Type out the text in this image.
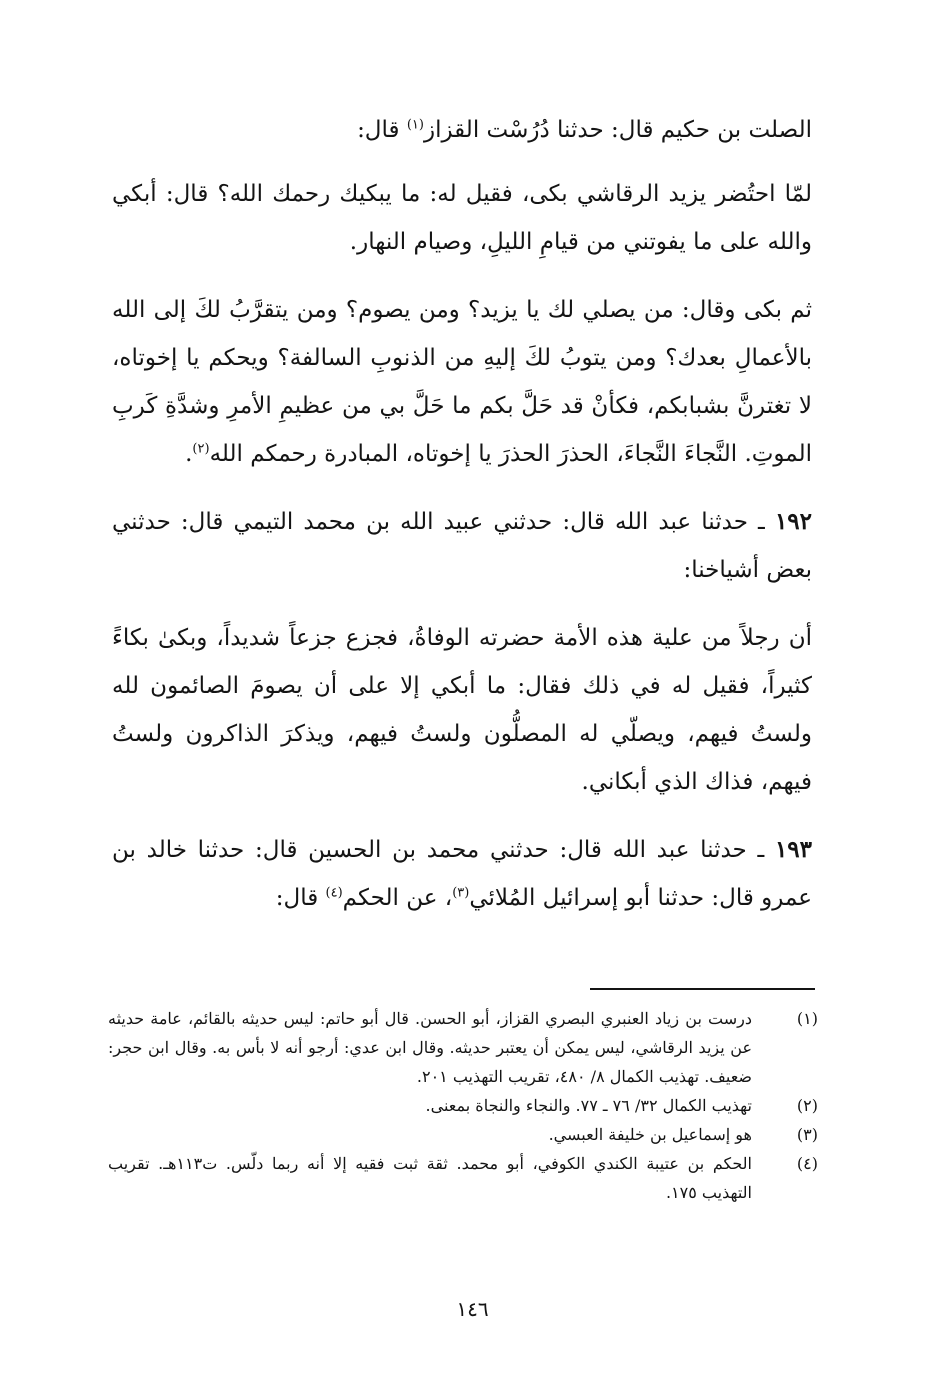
الصلت بن حكيم قال: حدثنا دُرُسْت القزاز$^{(١)}$ قال:

لمّا احتُضر يزيد الرقاشي بكى، فقيل له: ما يبكيك رحمك الله؟ قال: أبكي والله على ما يفوتني من قيامِ الليلِ، وصيام النهار.

ثم بكى وقال: من يصلي لك يا يزيد؟ ومن يصوم؟ ومن يتقرَّبُ لكَ إلى الله بالأعمالِ بعدك؟ ومن يتوبُ لكَ إليهِ من الذنوبِ السالفة؟ ويحكم يا إخوتاه، لا تغترنَّ بشبابكم، فكأنْ قد حَلَّ بكم ما حَلَّ بي من عظيمِ الأمرِ وشدَّةِ كَربِ الموتِ. النَّجاءَ النَّجاءَ، الحذرَ الحذرَ يا إخوتاه، المبادرة رحمكم الله$^{(٢)}$.

١٩٢ ـ حدثنا عبد الله قال: حدثني عبيد الله بن محمد التيمي قال: حدثني بعض أشياخنا:

أن رجلاً من علية هذه الأمة حضرته الوفاةُ، فجزع جزعاً شديداً، وبكىٰ بكاءً كثيراً، فقيل له في ذلك فقال: ما أبكي إلا على أن يصومَ الصائمون لله ولستُ فيهم، ويصلّي له المصلُّون ولستُ فيهم، ويذكرَ الذاكرون ولستُ فيهم، فذاك الذي أبكاني.

١٩٣ ـ حدثنا عبد الله قال: حدثني محمد بن الحسين قال: حدثنا خالد بن عمرو قال: حدثنا أبو إسرائيل المُلائي$^{(٣)}$، عن الحكم$^{(٤)}$ قال:

(١)
درست بن زياد العنبري البصري القزاز، أبو الحسن. قال أبو حاتم: ليس حديثه بالقائم، عامة حديثه عن يزيد الرقاشي، ليس يمكن أن يعتبر حديثه. وقال ابن عدي: أرجو أنه لا بأس به. وقال ابن حجر: ضعيف. تهذيب الكمال ٨/ ٤٨٠، تقريب التهذيب ٢٠١.
(٢)
تهذيب الكمال ٣٢/ ٧٦ ـ ٧٧. والنجاء والنجاة بمعنى.
(٣)
هو إسماعيل بن خليفة العبسي.
(٤)
الحكم بن عتيبة الكندي الكوفي، أبو محمد. ثقة ثبت فقيه إلا أنه ربما دلّس. ت١١٣هـ. تقريب التهذيب ١٧٥.
١٤٦
